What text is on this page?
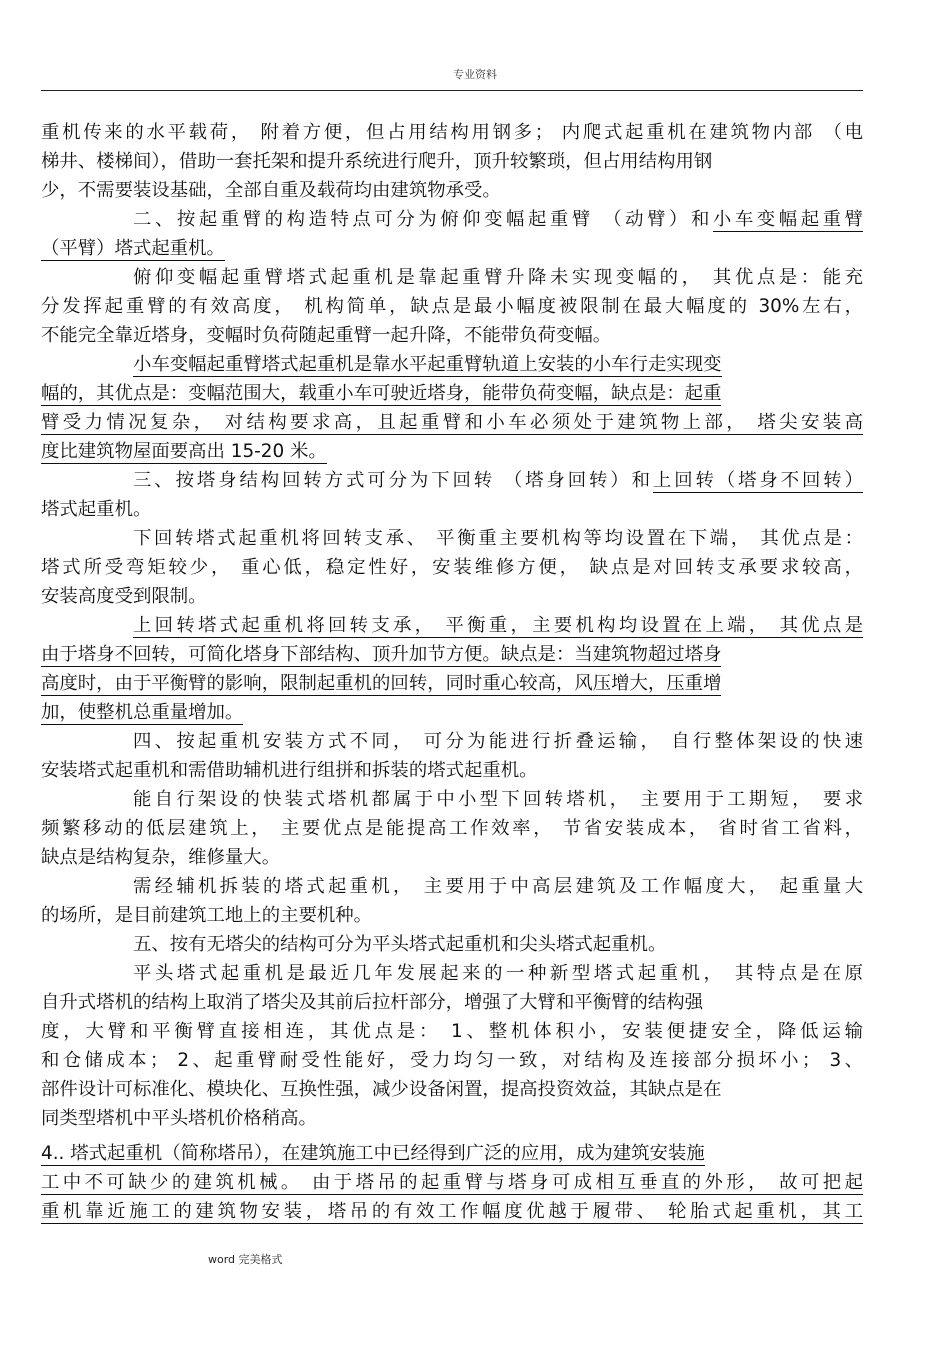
专业资料
重机传来的水平载荷， 附着方便，但占用结构用钢多； 内爬式起重机在建筑物内部 （电
梯井、楼梯间），借助一套托架和提升系统进行爬升，顶升较繁琐，但占用结构用钢
少，不需要装设基础，全部自重及载荷均由建筑物承受。
二、按起重臂的构造特点可分为俯仰变幅起重臂 （动臂）和小车变幅起重臂
（平臂）塔式起重机。
俯仰变幅起重臂塔式起重机是靠起重臂升降未实现变幅的， 其优点是：能充
分发挥起重臂的有效高度， 机构简单，缺点是最小幅度被限制在最大幅度的 30%左右，
不能完全靠近塔身，变幅时负荷随起重臂一起升降，不能带负荷变幅。
小车变幅起重臂塔式起重机是靠水平起重臂轨道上安装的小车行走实现变
幅的，其优点是：变幅范围大，载重小车可驶近塔身，能带负荷变幅，缺点是：起重
臂受力情况复杂， 对结构要求高，且起重臂和小车必须处于建筑物上部， 塔尖安装高
度比建筑物屋面要高出 15-20 米。
三、按塔身结构回转方式可分为下回转 （塔身回转）和上回转（塔身不回转）
塔式起重机。
下回转塔式起重机将回转支承、 平衡重主要机构等均设置在下端， 其优点是：
塔式所受弯矩较少， 重心低，稳定性好，安装维修方便， 缺点是对回转支承要求较高，
安装高度受到限制。
上回转塔式起重机将回转支承， 平衡重，主要机构均设置在上端， 其优点是
由于塔身不回转，可简化塔身下部结构、顶升加节方便。缺点是：当建筑物超过塔身
高度时，由于平衡臂的影响，限制起重机的回转，同时重心较高，风压增大，压重增
加，使整机总重量增加。
四、按起重机安装方式不同， 可分为能进行折叠运输， 自行整体架设的快速
安装塔式起重机和需借助辅机进行组拼和拆装的塔式起重机。
能自行架设的快装式塔机都属于中小型下回转塔机， 主要用于工期短， 要求
频繁移动的低层建筑上， 主要优点是能提高工作效率， 节省安装成本， 省时省工省料，
缺点是结构复杂，维修量大。
需经辅机拆装的塔式起重机， 主要用于中高层建筑及工作幅度大， 起重量大
的场所，是目前建筑工地上的主要机种。
五、按有无塔尖的结构可分为平头塔式起重机和尖头塔式起重机。
平头塔式起重机是最近几年发展起来的一种新型塔式起重机， 其特点是在原
自升式塔机的结构上取消了塔尖及其前后拉杆部分，增强了大臂和平衡臂的结构强
度，大臂和平衡臂直接相连，其优点是： 1、整机体积小，安装便捷安全，降低运输
和仓储成本； 2、起重臂耐受性能好，受力均匀一致，对结构及连接部分损坏小； 3、
部件设计可标准化、模块化、互换性强，减少设备闲置，提高投资效益，其缺点是在
同类型塔机中平头塔机价格稍高。
4.. 塔式起重机（简称塔吊），在建筑施工中已经得到广泛的应用，成为建筑安装施
工中不可缺少的建筑机械。 由于塔吊的起重臂与塔身可成相互垂直的外形， 故可把起
重机靠近施工的建筑物安装，塔吊的有效工作幅度优越于履带、 轮胎式起重机，其工
word 完美格式
